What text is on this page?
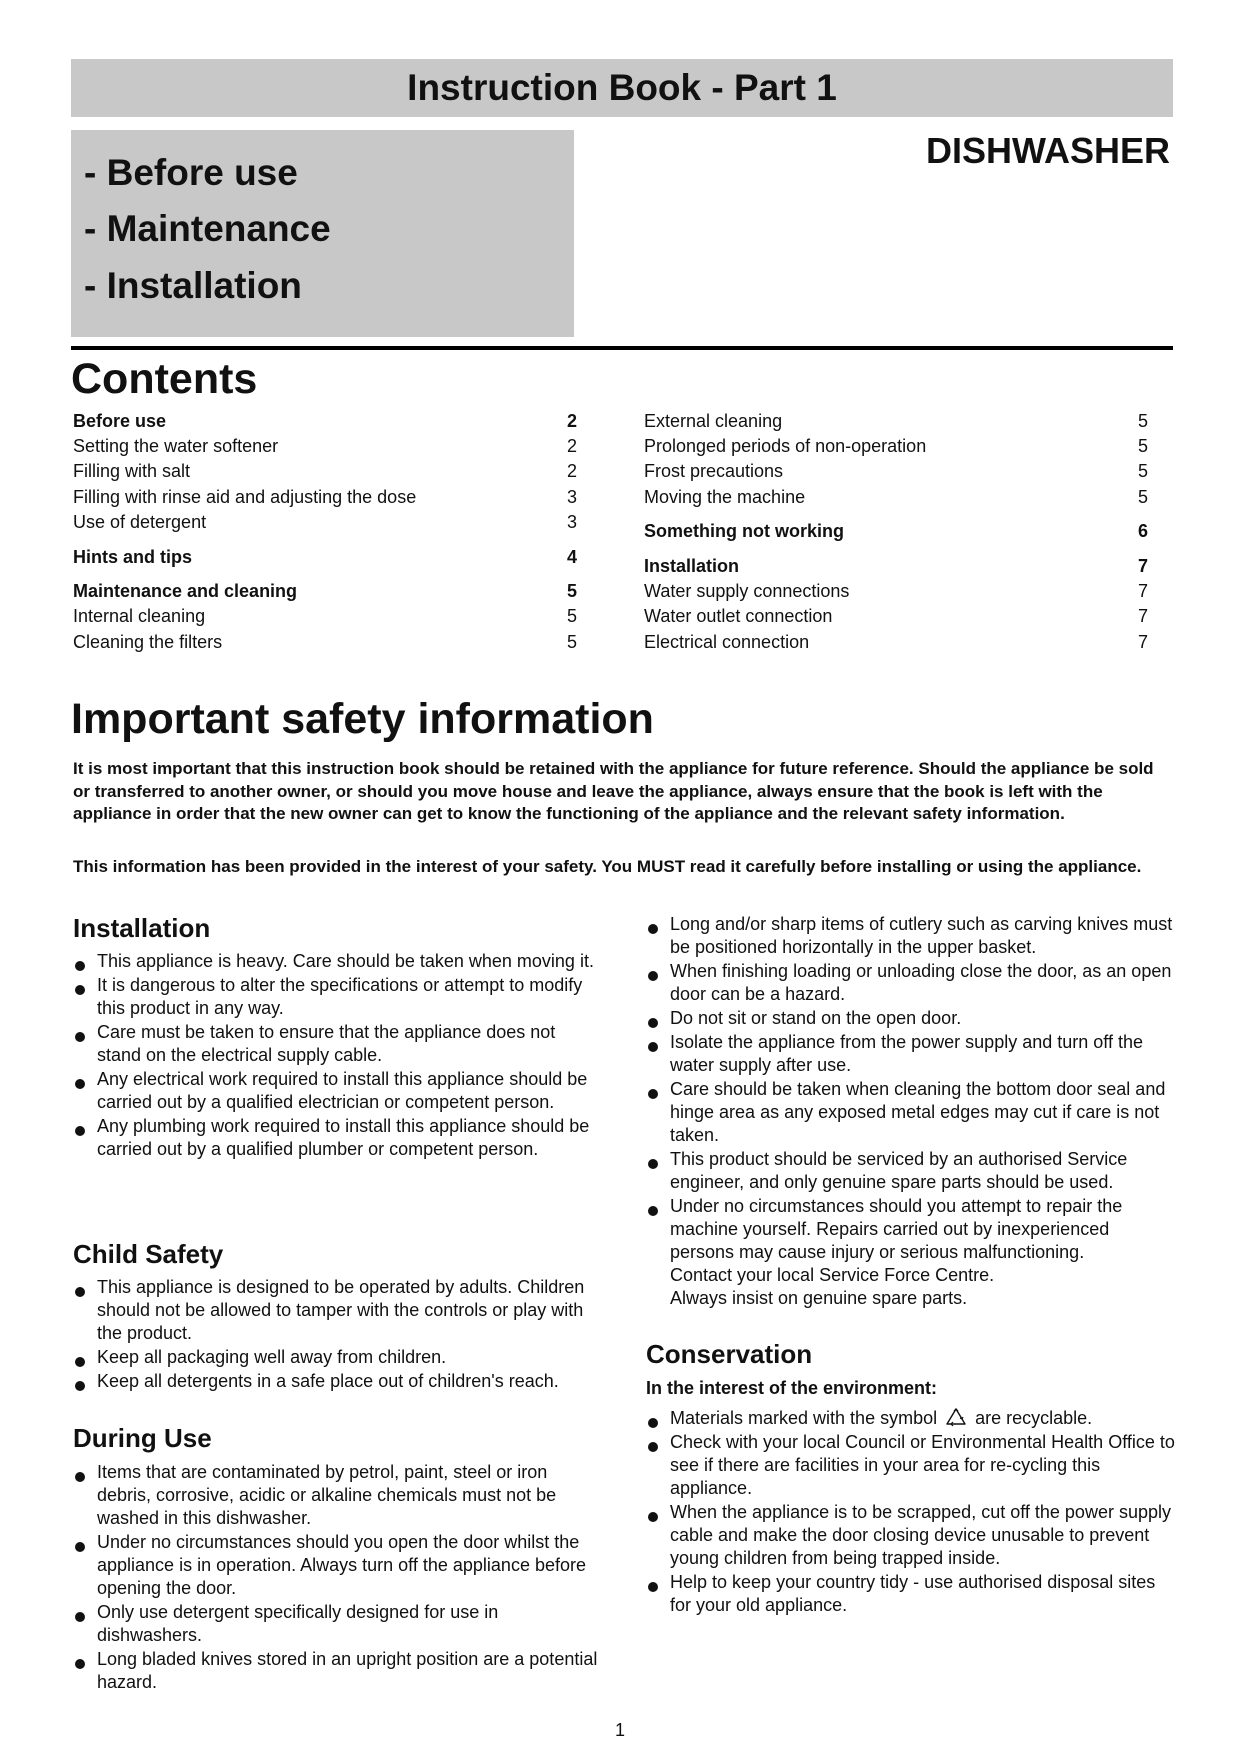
Instruction Book - Part 1
- Before use
- Maintenance
- Installation
DISHWASHER
Contents
Before use	2
Setting the water softener	2
Filling with salt	2
Filling with rinse aid and adjusting the dose	3
Use of detergent	3
Hints and tips	4
Maintenance and cleaning	5
Internal cleaning	5
Cleaning the filters	5
External cleaning	5
Prolonged periods of non-operation	5
Frost precautions	5
Moving the machine	5
Something not working	6
Installation	7
Water supply connections	7
Water outlet connection	7
Electrical connection	7
Important safety information
It is most important that this instruction book should be retained with the appliance for future reference. Should the appliance be sold or transferred to another owner, or should you move house and leave the appliance, always ensure that the book is left with the appliance in order that the new owner can get to know the functioning of the appliance and the relevant safety information.
This information has been provided in the interest of your safety. You MUST read it carefully before installing or using the appliance.
Installation
This appliance is heavy. Care should be taken when moving it.
It is dangerous to alter the specifications or attempt to modify this product in any way.
Care must be taken to ensure that the appliance does not stand on the electrical supply cable.
Any electrical work required to install this appliance should be carried out by a qualified electrician or competent person.
Any plumbing work required to install this appliance should be carried out by a qualified plumber or competent person.
Child Safety
This appliance is designed to be operated by adults. Children should not be allowed to tamper with the controls or play with the product.
Keep all packaging well away from children.
Keep all detergents in a safe place out of children's reach.
During Use
Items that are contaminated by petrol, paint, steel or iron debris, corrosive, acidic or alkaline chemicals must not be washed in this dishwasher.
Under no circumstances should you open the door whilst the appliance is in operation. Always turn off the appliance before opening the door.
Only use detergent specifically designed for use in dishwashers.
Long bladed knives stored in an upright position are a potential hazard.
Long and/or sharp items of cutlery such as carving knives must be positioned horizontally in the upper basket.
When finishing loading or unloading close the door, as an open door can be a hazard.
Do not sit or stand on the open door.
Isolate the appliance from the power supply and turn off the water supply after use.
Care should be taken when cleaning the bottom door seal and hinge area as any exposed metal edges may cut if care is not taken.
This product should be serviced by an authorised Service engineer, and only genuine spare parts should be used.
Under no circumstances should you attempt to repair the machine yourself. Repairs carried out by inexperienced persons may cause injury or serious malfunctioning.
Contact your local Service Force Centre.
Always insist on genuine spare parts.
Conservation
In the interest of the environment:
Materials marked with the symbol are recyclable.
Check with your local Council or Environmental Health Office to see if there are facilities in your area for re-cycling this appliance.
When the appliance is to be scrapped, cut off the power supply cable and make the door closing device unusable to prevent young children from being trapped inside.
Help to keep your country tidy - use authorised disposal sites for your old appliance.
1
